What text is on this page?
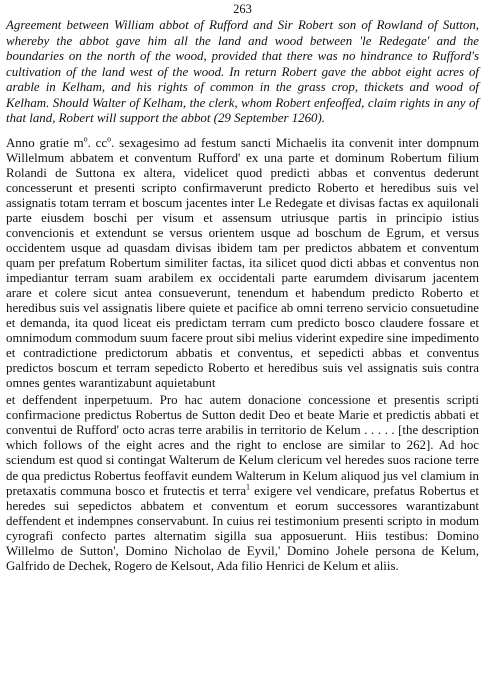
263

Agreement between William abbot of Rufford and Sir Robert son of Rowland of Sutton, whereby the abbot gave him all the land and wood between 'le Redegate' and the boundaries on the north of the wood, provided that there was no hindrance to Rufford's cultivation of the land west of the wood. In return Robert gave the abbot eight acres of arable in Kelham, and his rights of common in the grass crop, thickets and wood of Kelham. Should Walter of Kelham, the clerk, whom Robert enfeoffed, claim rights in any of that land, Robert will support the abbot (29 September 1260).

Anno gratie $m^o$. $cc^o$. sexagesimo ad festum sancti Michaelis ita convenit inter dompnum Willelmum abbatem et conventum Rufford' ex una parte et dominum Robertum filium Rolandi de Suttona ex altera, videlicet quod predicti abbas et conventus dederunt concesserunt et presenti scripto confirmaverunt predicto Roberto et heredibus suis vel assignatis totam terram et boscum jacentes inter Le Redegate et divisas factas ex aquilonali parte eiusdem boschi per visum et assensum utriusque partis in principio istius convencionis et extendunt se versus orientem usque ad boschum de Egrum, et versus occidentem usque ad quasdam divisas ibidem tam per predictos abbatem et conventum quam per prefatum Robertum similiter factas, ita silicet quod dicti abbas et conventus non impediantur terram suam arabilem ex occidentali parte earumdem divisarum jacentem arare et colere sicut antea consueverunt, tenendum et habendum predicto Roberto et heredibus suis vel assignatis libere quiete et pacifice ab omni terreno servicio consuetudine et demanda, ita quod liceat eis predictam terram cum predicto bosco claudere fossare et omnimodum commodum suum facere prout sibi melius viderint expedire sine impedimento et contradictione predictorum abbatis et conventus, et sepedicti abbas et conventus predictos boscum et terram sepedicto Roberto et heredibus suis vel assignatis suis contra omnes gentes warantizabunt aquietabunt

et deffendent inperpetuum. Pro hac autem donacione concessione et presentis scripti confirmacione predictus Robertus de Sutton dedit Deo et beate Marie et predictis abbati et conventui de Rufford' octo acras terre arabilis in territorio de Kelum . . . . . [the description which follows of the eight acres and the right to enclose are similar to 262]. Ad hoc sciendum est quod si contingat Walterum de Kelum clericum vel heredes suos racione terre de qua predictus Robertus feoffavit eundem Walterum in Kelum aliquod jus vel clamium in pretaxatis communa bosco et frutectis et terra$^1$ exigere vel vendicare, prefatus Robertus et heredes sui sepedictos abbatem et conventum et eorum successores warantizabunt deffendent et indempnes conservabunt. In cuius rei testimonium presenti scripto in modum cyrografi confecto partes alternatim sigilla sua apposuerunt. Hiis testibus: Domino Willelmo de Sutton', Domino Nicholao de Eyvil,' Domino Johele persona de Kelum, Galfrido de Dechek, Rogero de Kelsout, Ada filio Henrici de Kelum et aliis.
